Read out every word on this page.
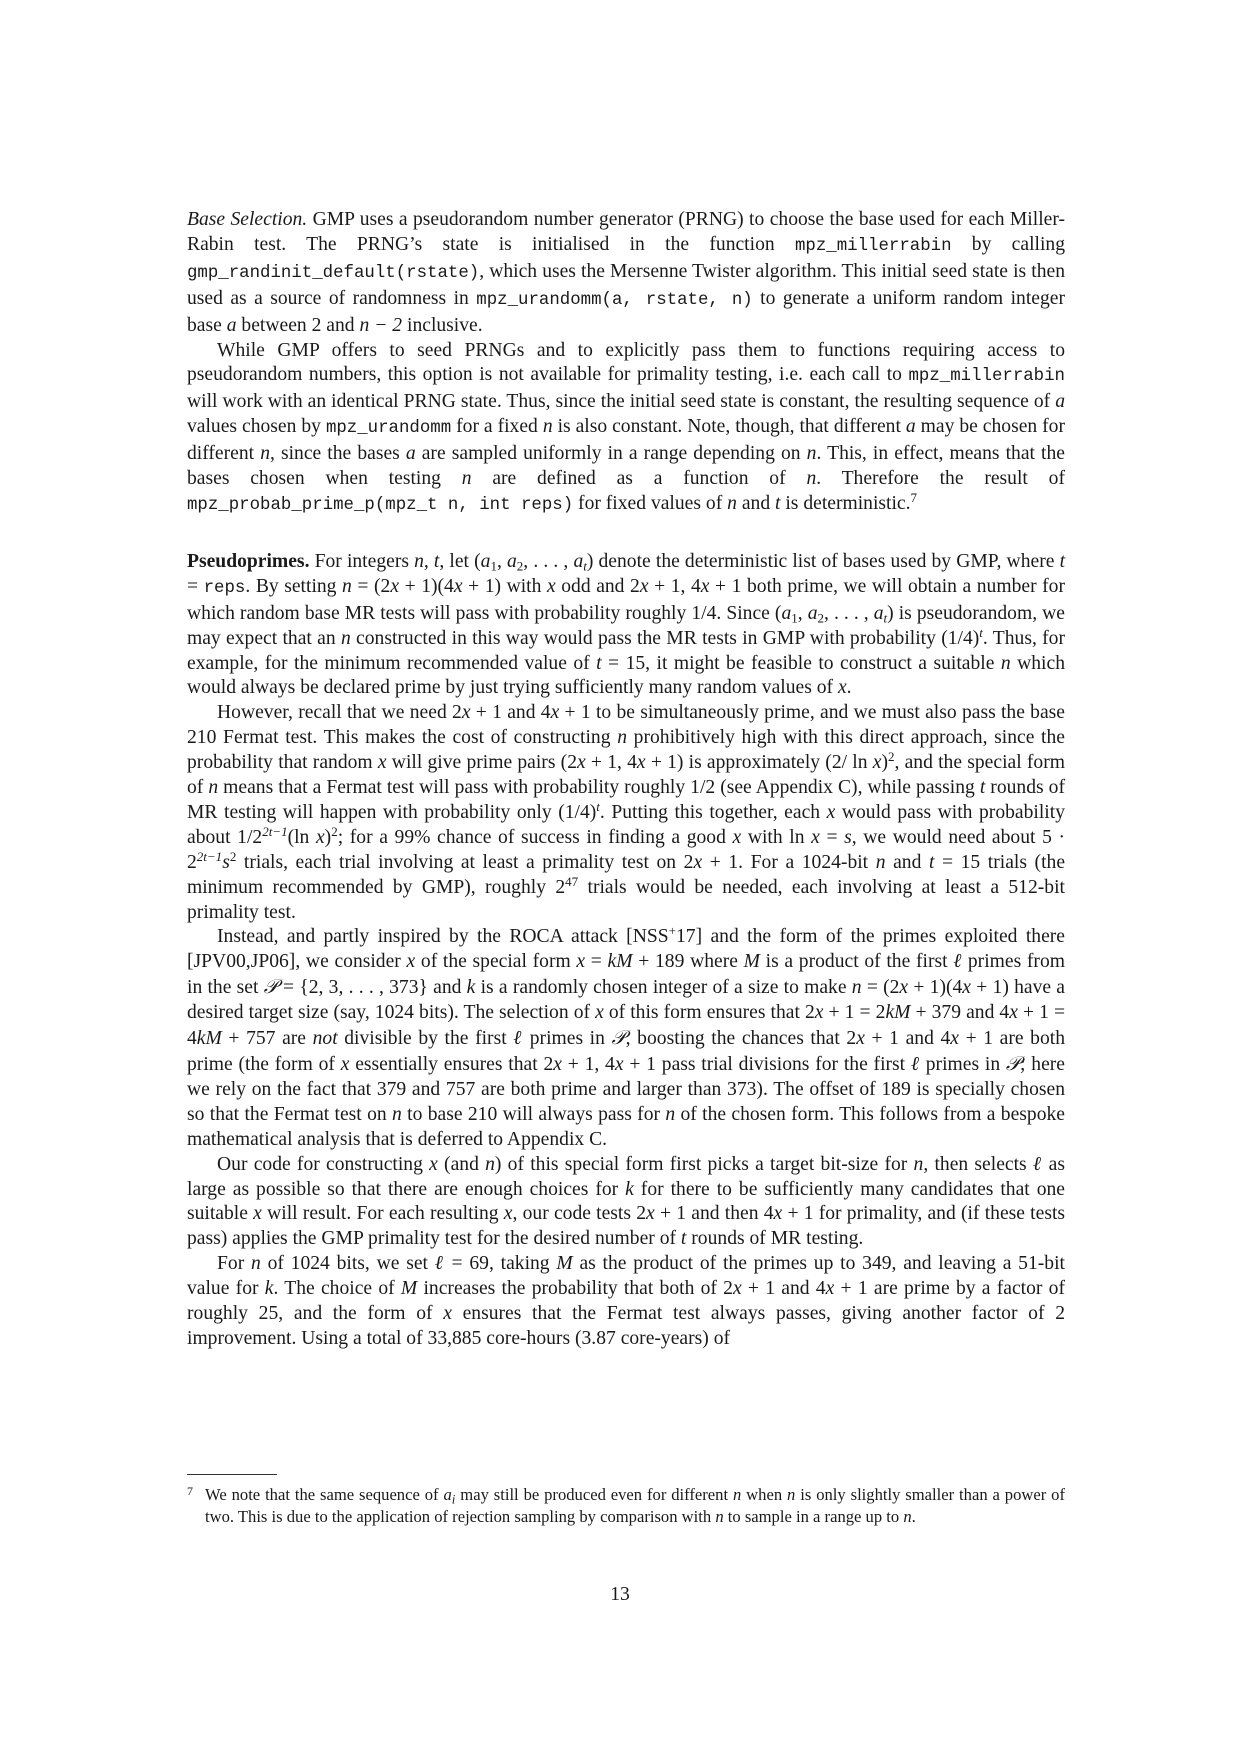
Base Selection. GMP uses a pseudorandom number generator (PRNG) to choose the base used for each Miller-Rabin test. The PRNG’s state is initialised in the function mpz_millerrabin by calling gmp_randinit_default(rstate), which uses the Mersenne Twister algorithm. This initial seed state is then used as a source of randomness in mpz_urandomm(a, rstate, n) to generate a uniform random integer base a between 2 and n − 2 inclusive.

While GMP offers to seed PRNGs and to explicitly pass them to functions requiring access to pseudorandom numbers, this option is not available for primality testing, i.e. each call to mpz_millerrabin will work with an identical PRNG state. Thus, since the initial seed state is constant, the resulting sequence of a values chosen by mpz_urandomm for a fixed n is also constant. Note, though, that different a may be chosen for different n, since the bases a are sampled uniformly in a range depending on n. This, in effect, means that the bases chosen when testing n are defined as a function of n. Therefore the result of mpz_probab_prime_p(mpz_t n, int reps) for fixed values of n and t is deterministic.$^7$

Pseudoprimes. For integers n, t, let ($a_1$, $a_2$, . . . , $a_t$) denote the deterministic list of bases used by GMP, where t = reps. By setting n = (2x + 1)(4x + 1) with x odd and 2x + 1, 4x + 1 both prime, we will obtain a number for which random base MR tests will pass with probability roughly 1/4. Since ($a_1$, $a_2$, . . . , $a_t$) is pseudorandom, we may expect that an n constructed in this way would pass the MR tests in GMP with probability $(1/4)^t$. Thus, for example, for the minimum recommended value of t = 15, it might be feasible to construct a suitable n which would always be declared prime by just trying sufficiently many random values of x.

However, recall that we need 2x + 1 and 4x + 1 to be simultaneously prime, and we must also pass the base 210 Fermat test. This makes the cost of constructing n prohibitively high with this direct approach, since the probability that random x will give prime pairs (2x + 1, 4x + 1) is approximately (2/ ln x)$^2$, and the special form of n means that a Fermat test will pass with probability roughly 1/2 (see Appendix C), while passing t rounds of MR testing will happen with probability only $(1/4)^t$. Putting this together, each x would pass with probability about $1/2^{2t-1}(\ln$ x)$^2$; for a 99% chance of success in finding a good x with ln x = s, we would need about $5 \cdot 2^{2t-1}s^2$ trials, each trial involving at least a primality test on 2x + 1. For a 1024-bit n and t = 15 trials (the minimum recommended by GMP), roughly $2^{47}$ trials would be needed, each involving at least a 512-bit primality test.

Instead, and partly inspired by the ROCA attack [NSS+17] and the form of the primes exploited there [JPV00,JP06], we consider x of the special form x = kM + 189 where M is a product of the first ℓ primes from in the set 𝒫 = {2, 3, . . . , 373} and k is a randomly chosen integer of a size to make n = (2x + 1)(4x + 1) have a desired target size (say, 1024 bits). The selection of x of this form ensures that 2x + 1 = 2kM + 379 and 4x + 1 = 4kM + 757 are not divisible by the first ℓ primes in 𝒫, boosting the chances that 2x + 1 and 4x + 1 are both prime (the form of x essentially ensures that 2x + 1, 4x + 1 pass trial divisions for the first ℓ primes in 𝒫; here we rely on the fact that 379 and 757 are both prime and larger than 373). The offset of 189 is specially chosen so that the Fermat test on n to base 210 will always pass for n of the chosen form. This follows from a bespoke mathematical analysis that is deferred to Appendix C.

Our code for constructing x (and n) of this special form first picks a target bit-size for n, then selects ℓ as large as possible so that there are enough choices for k for there to be sufficiently many candidates that one suitable x will result. For each resulting x, our code tests 2x + 1 and then 4x + 1 for primality, and (if these tests pass) applies the GMP primality test for the desired number of t rounds of MR testing.

For n of 1024 bits, we set ℓ = 69, taking M as the product of the primes up to 349, and leaving a 51-bit value for k. The choice of M increases the probability that both of 2x + 1 and 4x + 1 are prime by a factor of roughly 25, and the form of x ensures that the Fermat test always passes, giving another factor of 2 improvement. Using a total of 33,885 core-hours (3.87 core-years) of

7 We note that the same sequence of $a_i$ may still be produced even for different n when n is only slightly smaller than a power of two. This is due to the application of rejection sampling by comparison with n to sample in a range up to n.
13
